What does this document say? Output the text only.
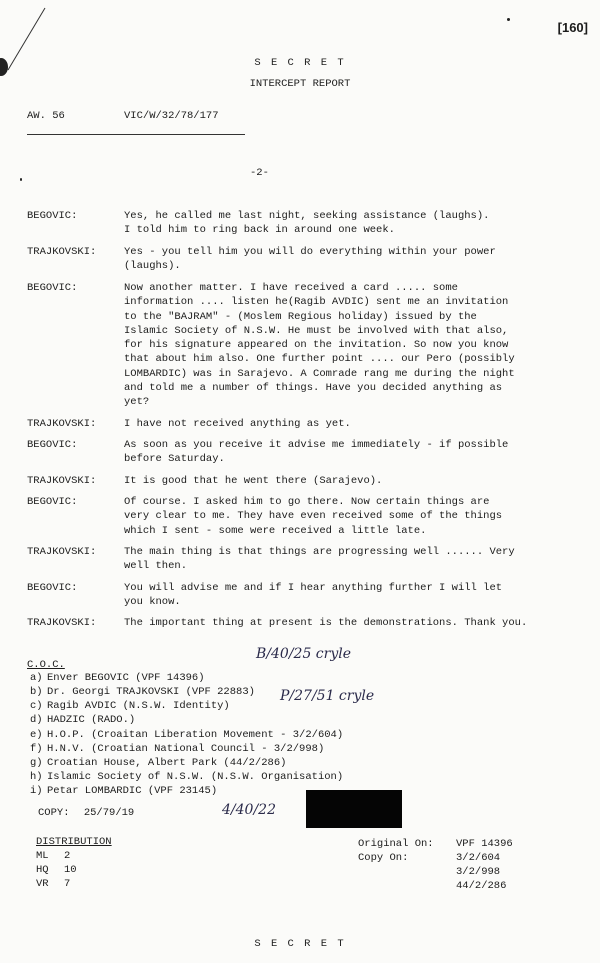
[160]
S E C R E T
INTERCEPT REPORT
AW. 56	VIC/W/32/78/177
-2-
BEGOVIC:	Yes, he called me last night, seeking assistance (laughs).
I told him to ring back in around one week.
TRAJKOVSKI:	Yes - you tell him you will do everything within your power
(laughs).
BEGOVIC:	Now another matter. I have received a card ..... some
information .... listen he(Ragib AVDIC) sent me an invitation
to the "BAJRAM" - (Moslem Regious holiday) issued by the
Islamic Society of N.S.W. He must be involved with that also,
for his signature appeared on the invitation. So now you know
that about him also. One further point .... our Pero (possibly
LOMBARDIC) was in Sarajevo. A Comrade rang me during the night
and told me a number of things. Have you decided anything as
yet?
TRAJKOVSKI:	I have not received anything as yet.
BEGOVIC:	As soon as you receive it advise me immediately - if possible
before Saturday.
TRAJKOVSKI:	It is good that he went there (Sarajevo).
BEGOVIC:	Of course. I asked him to go there. Now certain things are
very clear to me. They have even received some of the things
which I sent - some were received a little late.
TRAJKOVSKI:	The main thing is that things are progressing well ...... Very
well then.
BEGOVIC:	You will advise me and if I hear anything further I will let
you know.
TRAJKOVSKI:	The important thing at present is the demonstrations. Thank you.
C.O.C.
a) Enver BEGOVIC (VPF 14396)
b) Dr. Georgi TRAJKOVSKI (VPF 22883)
c) Ragib AVDIC (N.S.W. Identity)
d) HADZIC (RADO.)
e) H.O.P. (Croaitan Liberation Movement - 3/2/604)
f) H.N.V. (Croatian National Council - 3/2/998)
g) Croatian House, Albert Park (44/2/286)
h) Islamic Society of N.S.W. (N.S.W. Organisation)
i) Petar LOMBARDIC (VPF 23145)
COPY: 25/79/19
B/40/25 cryle
P/27/51 cryle
4/40/22
DISTRIBUTION
ML 2
HQ 10
VR 7
Original On: VPF 14396
Copy On:	3/2/604
3/2/998
44/2/286
S E C R E T
